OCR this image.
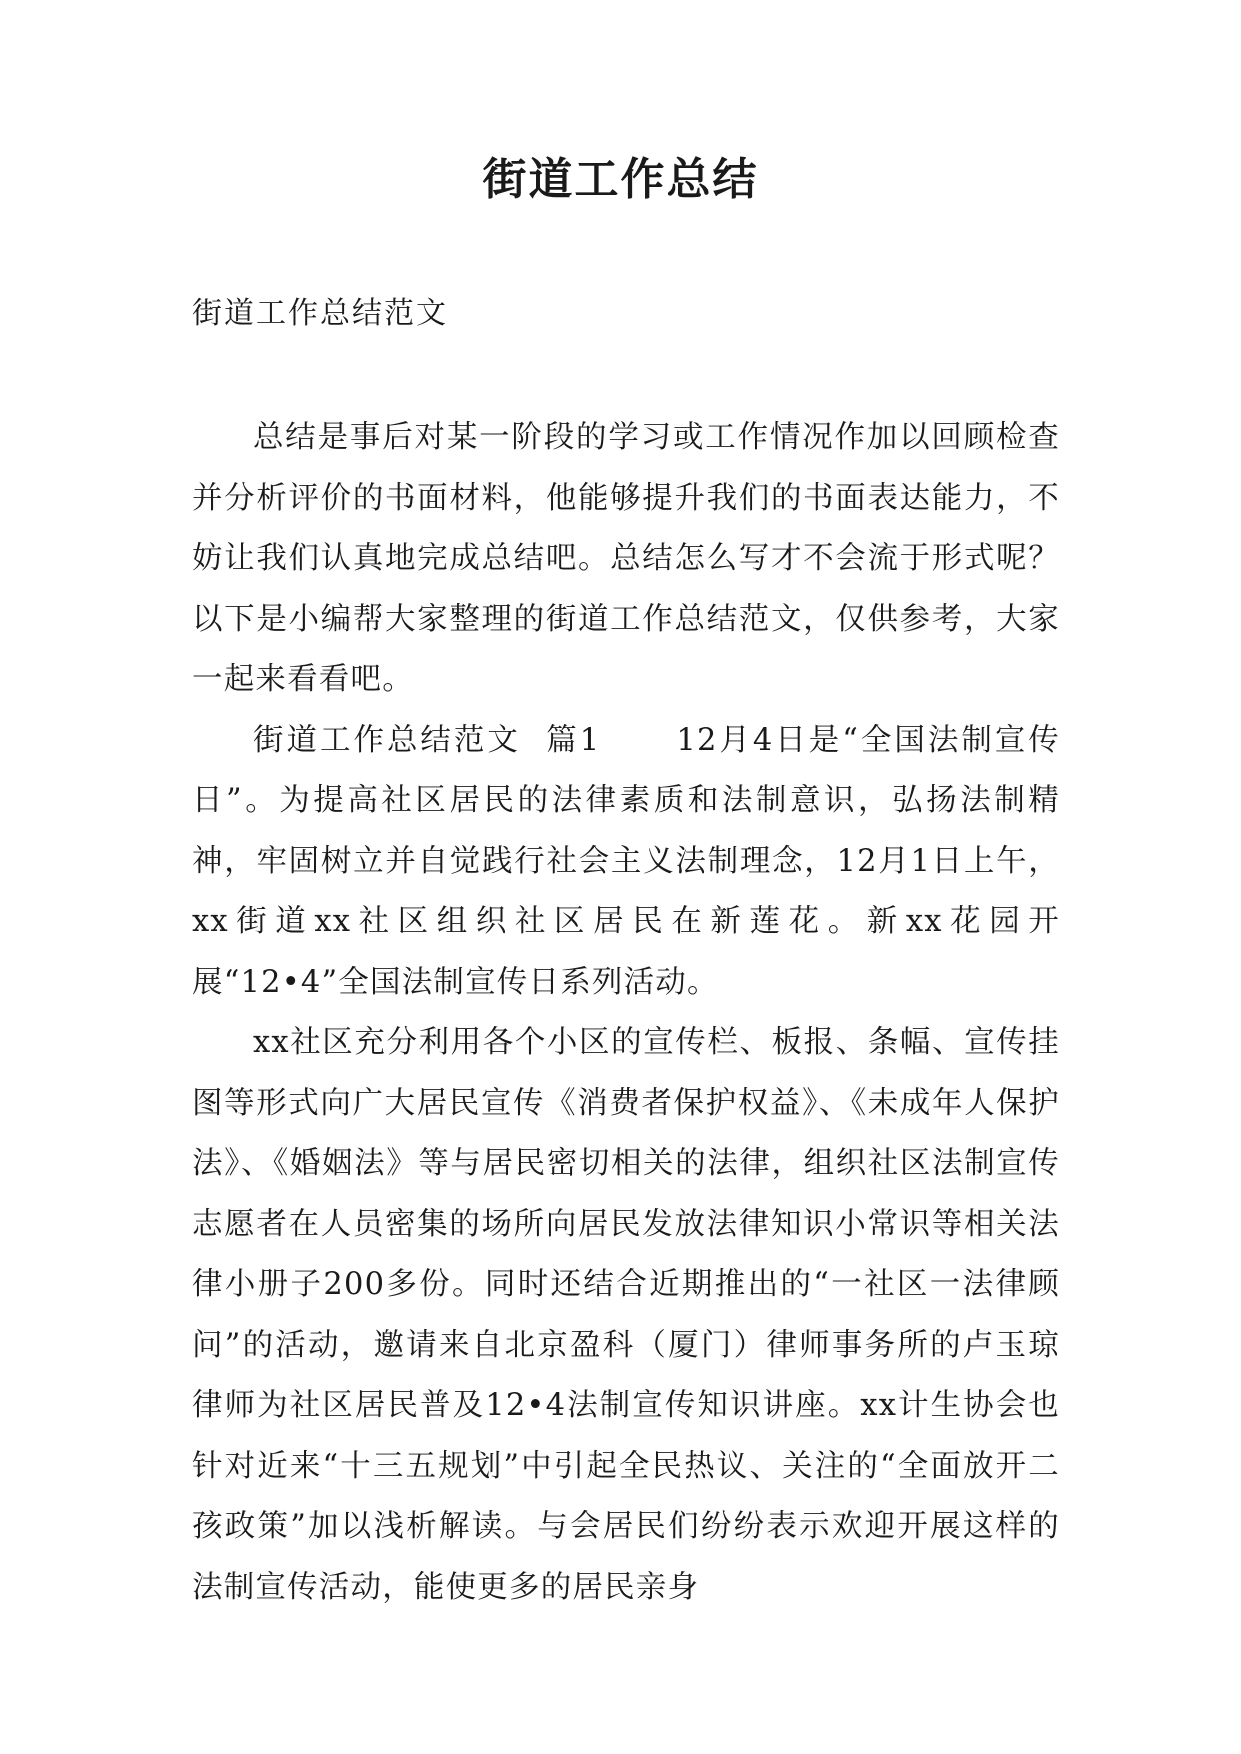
街道工作总结

街道工作总结范文

总结是事后对某一阶段的学习或工作情况作加以回顾检查并分析评价的书面材料，他能够提升我们的书面表达能力，不妨让我们认真地完成总结吧。总结怎么写才不会流于形式呢？以下是小编帮大家整理的街道工作总结范文，仅供参考，大家一起来看看吧。

街道工作总结范文  篇1      12月4日是“全国法制宣传日”。为提高社区居民的法律素质和法制意识，弘扬法制精神，牢固树立并自觉践行社会主义法制理念，12月1日上午，xx街道xx社区组织社区居民在新莲花。新xx花园开展“12•4”全国法制宣传日系列活动。

xx社区充分利用各个小区的宣传栏、板报、条幅、宣传挂图等形式向广大居民宣传《消费者保护权益》、《未成年人保护法》、《婚姻法》等与居民密切相关的法律，组织社区法制宣传志愿者在人员密集的场所向居民发放法律知识小常识等相关法律小册子200多份。同时还结合近期推出的“一社区一法律顾问”的活动，邀请来自北京盈科（厦门）律师事务所的卢玉琼律师为社区居民普及12•4法制宣传知识讲座。xx计生协会也针对近来“十三五规划”中引起全民热议、关注的“全面放开二孩政策”加以浅析解读。与会居民们纷纷表示欢迎开展这样的法制宣传活动，能使更多的居民亲身
